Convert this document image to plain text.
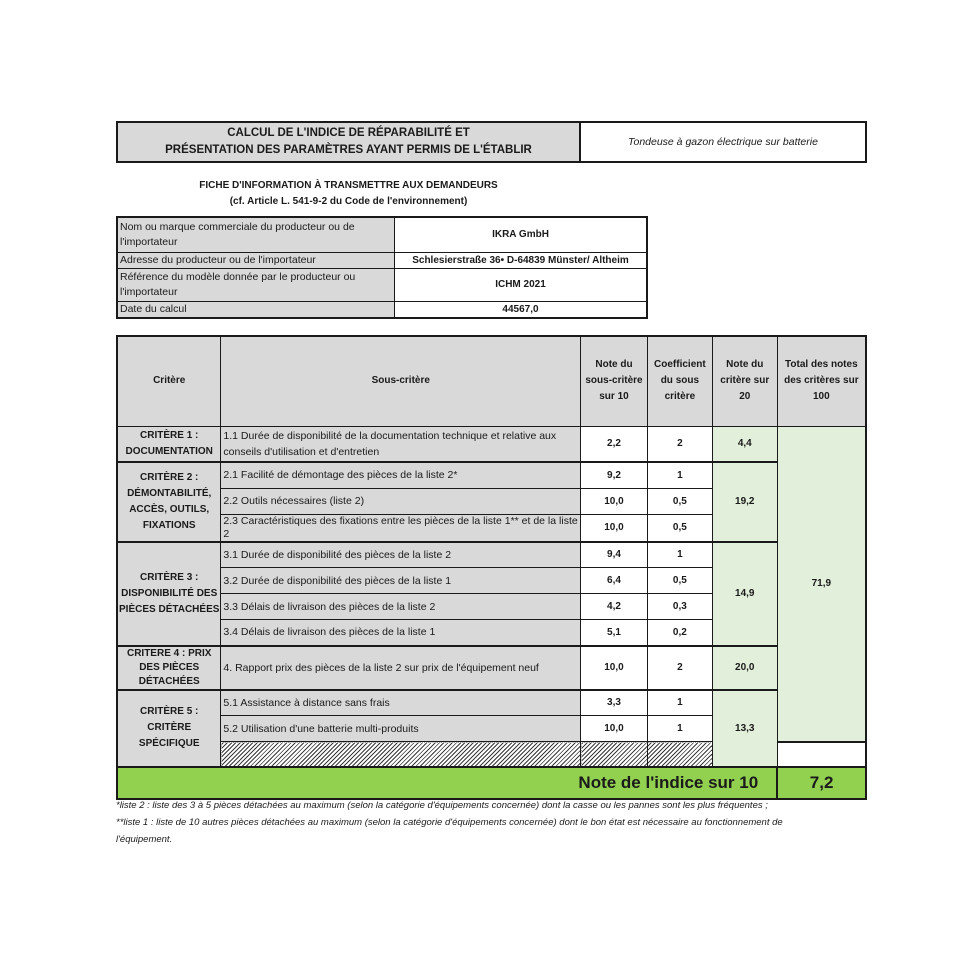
CALCUL DE L'INDICE DE RÉPARABILITÉ ET
PRÉSENTATION DES PARAMÈTRES AYANT PERMIS DE L'ÉTABLIR
Tondeuse à gazon électrique sur batterie
FICHE D'INFORMATION À TRANSMETTRE AUX DEMANDEURS
(cf. Article L. 541-9-2 du Code de l'environnement)
Nom ou marque commerciale du producteur ou de l'importateur	IKRA GmbH
Adresse du producteur ou de l'importateur	Schlesierstraße 36• D-64839 Münster/ Altheim
Référence du modèle donnée par le producteur ou l'importateur	ICHM 2021
Date du calcul	44567,0
Critère	Sous-critère	Note du sous-critère sur 10	Coefficient du sous critère	Note du critère sur 20	Total des notes des critères sur 100
CRITÈRE 1 : DOCUMENTATION	1.1 Durée de disponibilité de la documentation technique et relative aux conseils d'utilisation et d'entretien	2,2	2	4,4	71,9
CRITÈRE 2 : DÉMONTABILITÉ, ACCÈS, OUTILS, FIXATIONS	2.1 Facilité de démontage des pièces de la liste 2*	9,2	1	19,2	
	2.2 Outils nécessaires (liste 2)	10,0	0,5		
	2.3 Caractéristiques des fixations entre les pièces de la liste 1** et de la liste 2	10,0	0,5		
CRITÈRE 3 : DISPONIBILITÉ DES PIÈCES DÉTACHÉES	3.1 Durée de disponibilité des pièces de la liste 2	9,4	1	14,9	
	3.2 Durée de disponibilité des pièces de la liste 1	6,4	0,5		
	3.3 Délais de livraison des pièces de la liste 2	4,2	0,3		
	3.4 Délais de livraison des pièces de la liste 1	5,1	0,2		
CRITERE 4 : PRIX DES PIÈCES DÉTACHÉES	4. Rapport prix des pièces de la liste 2 sur prix de l'équipement neuf	10,0	2	20,0	
CRITÈRE 5 : CRITÈRE SPÉCIFIQUE	5.1 Assistance à distance sans frais	3,3	1	13,3	
	5.2 Utilisation d'une batterie multi-produits	10,0	1		

Note de l'indice sur 10					7,2

*liste 2 : liste des 3 à 5 pièces détachées au maximum (selon la catégorie d'équipements concernée) dont la casse ou les pannes sont les plus fréquentes ;

**liste 1 : liste de 10 autres pièces détachées au maximum (selon la catégorie d'équipements concernée) dont le bon état est nécessaire au fonctionnement de l'équipement.
